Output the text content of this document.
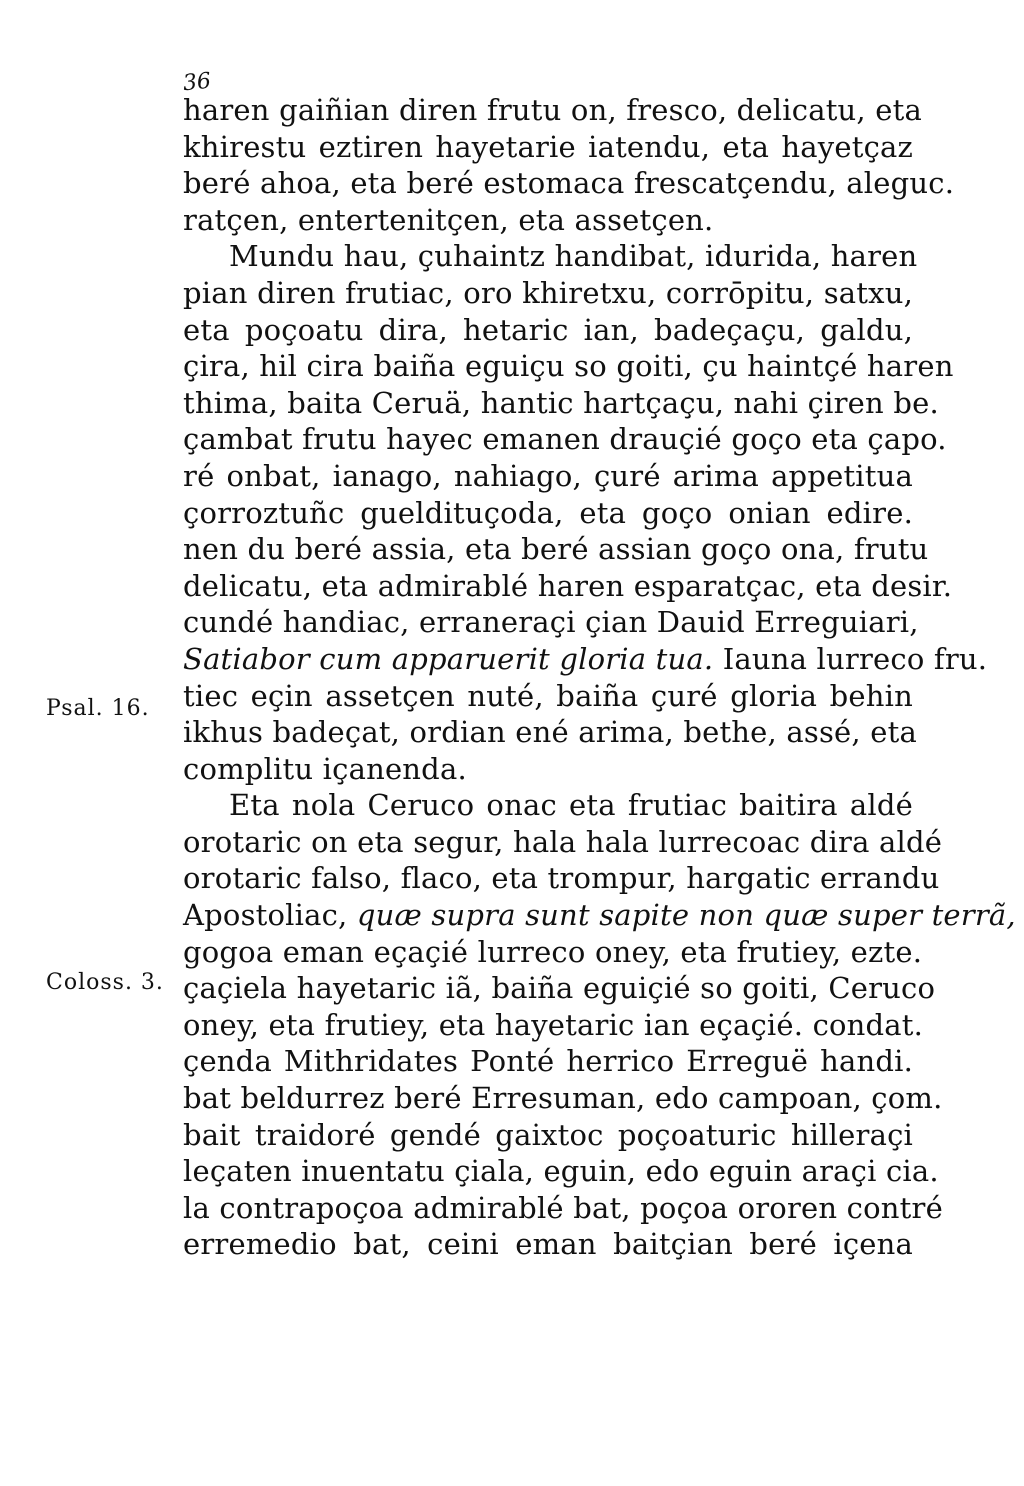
36
Psal. 16.
Coloss. 3.
haren gaiñian diren frutu on, fresco, delicatu, eta
khirestu eztiren hayetarie iatendu, eta hayetçaz
beré ahoa, eta beré estomaca frescatçendu, aleguc.
ratçen, entertenitçen, eta assetçen.
Mundu hau, çuhaintz handibat, idurida, haren
pian diren frutiac, oro khiretxu, corrōpitu, satxu,
eta poçoatu dira, hetaric ian, badeçaçu, galdu,
çira, hil cira baiña eguiçu so goiti, çu haintçé haren
thima, baita Ceruä, hantic hartçaçu, nahi çiren be.
çambat frutu hayec emanen drauçié goço eta çapo.
ré onbat, ianago, nahiago, çuré arima appetitua
çorroztuñc gueldituçoda, eta goço onian edire.
nen du beré assia, eta beré assian goço ona, frutu
delicatu, eta admirablé haren esparatçac, eta desir.
cundé handiac, erraneraçi çian Dauid Erreguiari,
Satiabor cum apparuerit gloria tua. Iauna lurreco fru.
tiec eçin assetçen nuté, baiña çuré gloria behin
ikhus badeçat, ordian ené arima, bethe, assé, eta
complitu içanenda.
Eta nola Ceruco onac eta frutiac baitira aldé
orotaric on eta segur, hala hala lurrecoac dira aldé
orotaric falso, flaco, eta trompur, hargatic errandu
Apostoliac, quæ supra sunt sapite non quæ super terrã,
gogoa eman eçaçié lurreco oney, eta frutiey, ezte.
çaçiela hayetaric iã, baiña eguiçié so goiti, Ceruco
oney, eta frutiey, eta hayetaric ian eçaçié. condat.
çenda Mithridates Ponté herrico Erreguë handi.
bat beldurrez beré Erresuman, edo campoan, çom.
bait traidoré gendé gaixtoc poçoaturic hilleraçi
leçaten inuentatu çiala, eguin, edo eguin araçi cia.
la contrapoçoa admirablé bat, poçoa ororen contré
erremedio bat, ceini eman baitçian beré içena
